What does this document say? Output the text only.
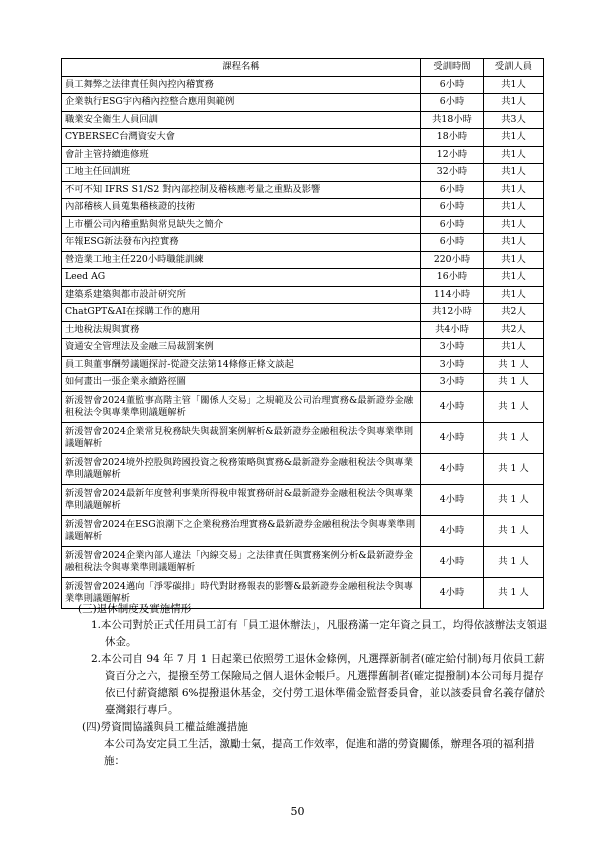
課程名稱	受訓時間	受訓人員
員工舞弊之法律責任與內控內稽實務	6小時	共1人
企業執行ESG宇內稽內控整合應用與範例	6小時	共1人
職業安全衛生人員回訓	共18小時	共3人
CYBERSEC台灣資安大會	18小時	共1人
會計主管持續進修班	12小時	共1人
工地主任回訓班	32小時	共1人
不可不知 IFRS S1/S2 對內部控制及稽核應考量之重點及影響	6小時	共1人
內部稽核人員蒐集稽核證的技術	6小時	共1人
上市櫃公司內稽重點與常見缺失之簡介	6小時	共1人
年報ESG新法發布內控實務	6小時	共1人
營造業工地主任220小時職能訓練	220小時	共1人
Leed AG	16小時	共1人
建築系建築與都市設計研究所	114小時	共1人
ChatGPT&AI在採購工作的應用	共12小時	共2人
土地稅法規與實務	共4小時	共2人
資通安全管理法及金融三局裁罰案例	3小時	共1人
員工與董事酬勞議題探討-從證交法第14條修正條文談起	3小時	共 1 人
如何畫出一張企業永續路徑圖	3小時	共 1 人
新湲智會2024董監事高階主管「關係人交易」之規範及公司治理實務&最新證券金融租稅法令與專業準則議題解析	4小時	共 1 人
新湲智會2024企業常見稅務缺失與裁罰案例解析&最新證券金融租稅法令與專業準則議題解析	4小時	共 1 人
新湲智會2024境外控股與跨國投資之稅務策略與實務&最新證券金融租稅法令與專業準則議題解析	4小時	共 1 人
新湲智會2024最新年度營利事業所得稅申報實務研討&最新證券金融租稅法令與專業準則議題解析	4小時	共 1 人
新湲智會2024在ESG浪潮下之企業稅務治理實務&最新證券金融租稅法令與專業準則議題解析	4小時	共 1 人
新湲智會2024企業內部人違法「內線交易」之法律責任與實務案例分析&最新證券金融租稅法令與專業準則議題解析	4小時	共 1 人
新湲智會2024邁向「淨零碳排」時代對財務報表的影響&最新證券金融租稅法令與專業準則議題解析	4小時	共 1 人
(三)退休制度及實施情形
1.本公司對於正式任用員工訂有「員工退休辦法」，凡服務滿一定年資之員工，均得依該辦法支領退休金。
2.本公司自 94 年 7 月 1 日起業已依照勞工退休金條例，凡選擇新制者(確定給付制)每月依員工薪資百分之六，提撥至勞工保險局之個人退休金帳戶。凡選擇舊制者(確定提撥制)本公司每月提存依已付薪資總額 6%提撥退休基金，交付勞工退休準備金監督委員會，並以該委員會名義存儲於臺灣銀行專戶。
(四)勞資間協議與員工權益維護措施
本公司為安定員工生活，激勵士氣，提高工作效率，促進和諧的勞資關係，辦理各項的福利措施：
50
